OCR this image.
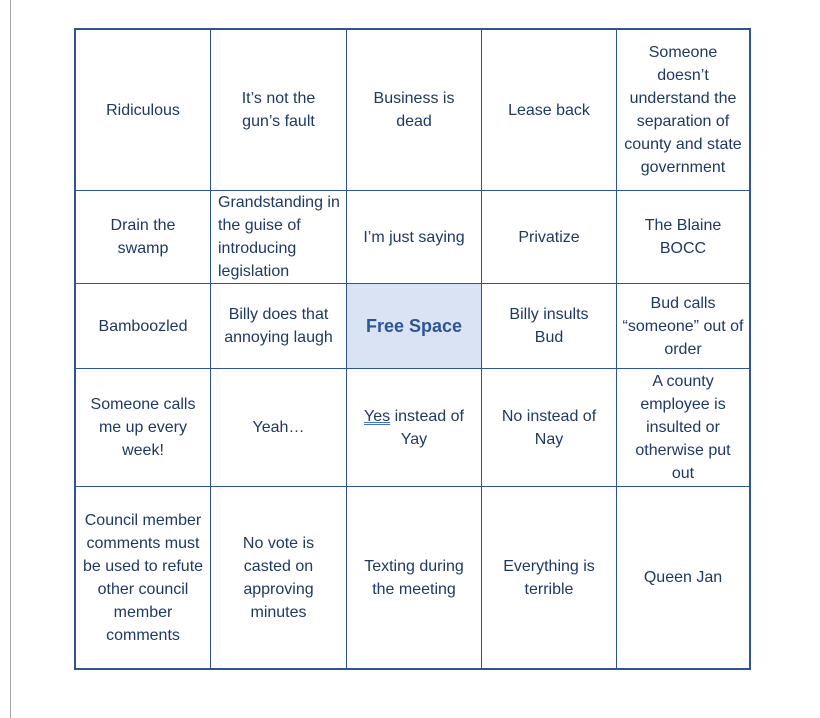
Ridiculous
It’s not the gun’s fault
Business is dead
Lease back
Someone doesn’t understand the separation of county and state government
Drain the swamp
Grandstanding in the guise of introducing legislation
I’m just saying	Privatize
The Blaine BOCC
Bamboozled
Billy does that annoying laugh
Free Space
Billy insults Bud
Bud calls “someone” out of order
Someone calls me up every week!
Yeah…
Yes instead of Yay
No instead of Nay
A county employee is insulted or otherwise put out
Council member comments must be used to refute other council member comments
No vote is casted on approving minutes
Texting during the meeting
Everything is terrible
Queen Jan
